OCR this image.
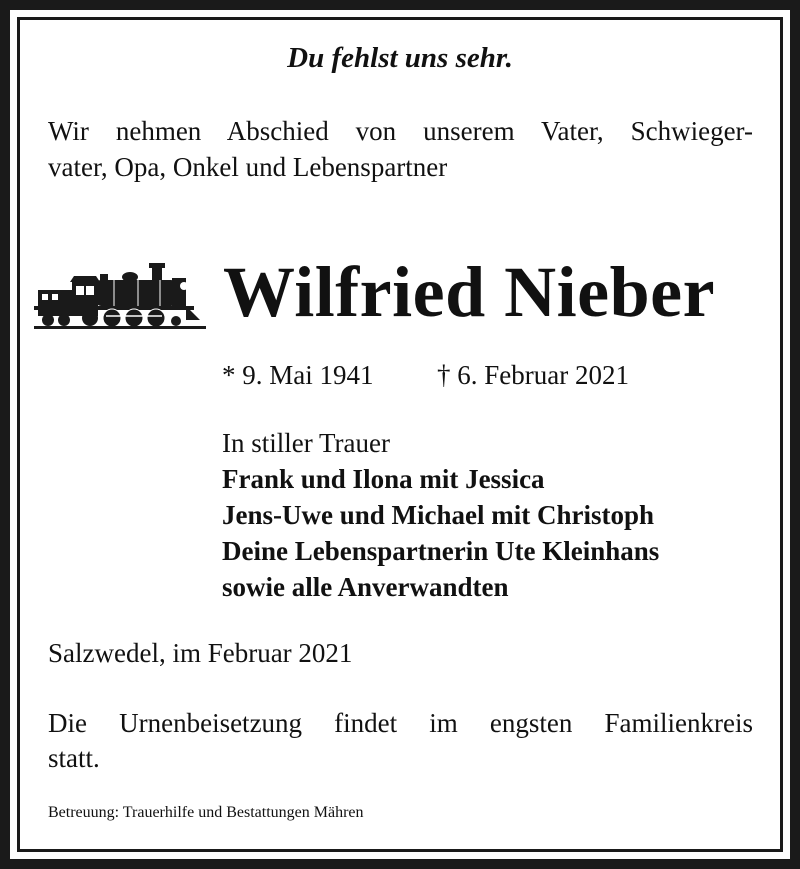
Du fehlst uns sehr.
Wir nehmen Abschied von unserem Vater, Schwieger-
vater, Opa, Onkel und Lebenspartner
Wilfried Nieber
* 9. Mai 1941 † 6. Februar 2021
In stiller Trauer
Frank und Ilona mit Jessica
Jens-Uwe und Michael mit Christoph
Deine Lebenspartnerin Ute Kleinhans
sowie alle Anverwandten
Salzwedel, im Februar 2021
Die Urnenbeisetzung findet im engsten Familienkreis
statt.
Betreuung: Trauerhilfe und Bestattungen Mähren
